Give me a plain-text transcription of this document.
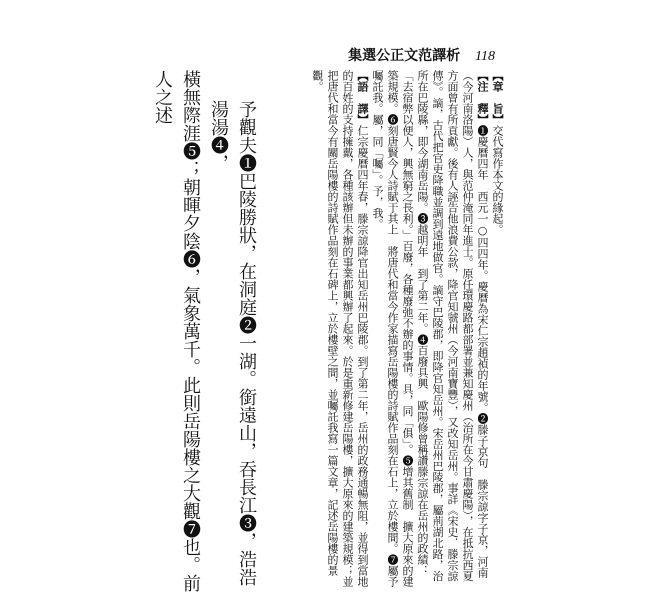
集選公正文范譯析 118

【章　旨】交代寫作本文的緣起。

【注　釋】❶慶曆四年　西元一○四四年。慶曆為宋仁宗趙禎的年號。❷滕子京句　滕宗諒字子京，河南（今河南洛陽）人，與范仲淹同年進士。原任環慶路都部署並兼知慶州（治所在今甘肅慶陽），在抵抗西夏方面曾有所貢獻。後有人誣告他浪費公款，降官知虢州（今河南寶豐），又改知岳州。事詳《宋史．滕宗諒傳》。謫，古代把官吏降職並調到遠地做官。謫守巴陵郡，即降官知岳州。宋岳州巴陵郡，屬荊湖北路，治所在巴陵縣，即今湖南岳陽。❸越明年　到了第二年。❹百廢具興　歐陽修曾稱讚滕宗諒在岳州的政績：「去宿弊以便人，興無窮之長利。」百廢，各種廢弛不辦的事情。具，同「俱」。❺增其舊制　擴大原來的建築規模。❻刻唐賢今人詩賦于其上　將唐代和當今作家描寫岳陽樓的詩賦作品刻在石上，立於樓間。❼屬予　囑託我。屬，同「囑」。予，我。

【語　譯】仁宗慶曆四年春，滕宗諒降官出知岳州巴陵郡。到了第二年，岳州的政務通暢無阻，並得到當地的百姓的支持擁戴，各種該辦但未辦的事業都興辦了起來。於是重新修建岳陽樓，擴大原來的建築規模；並把唐代和當今有關岳陽樓的詩賦作品刻在石碑上，立於樓壁之間，並囑託我寫一篇文章，記述岳陽樓的景觀。

予觀夫❶巴陵勝狀，在洞庭❷一湖。銜遠山，吞長江❸，浩浩湯湯❹，

橫無際涯❺；朝暉夕陰❻，氣象萬千。此則岳陽樓之大觀❼也。前人之述
